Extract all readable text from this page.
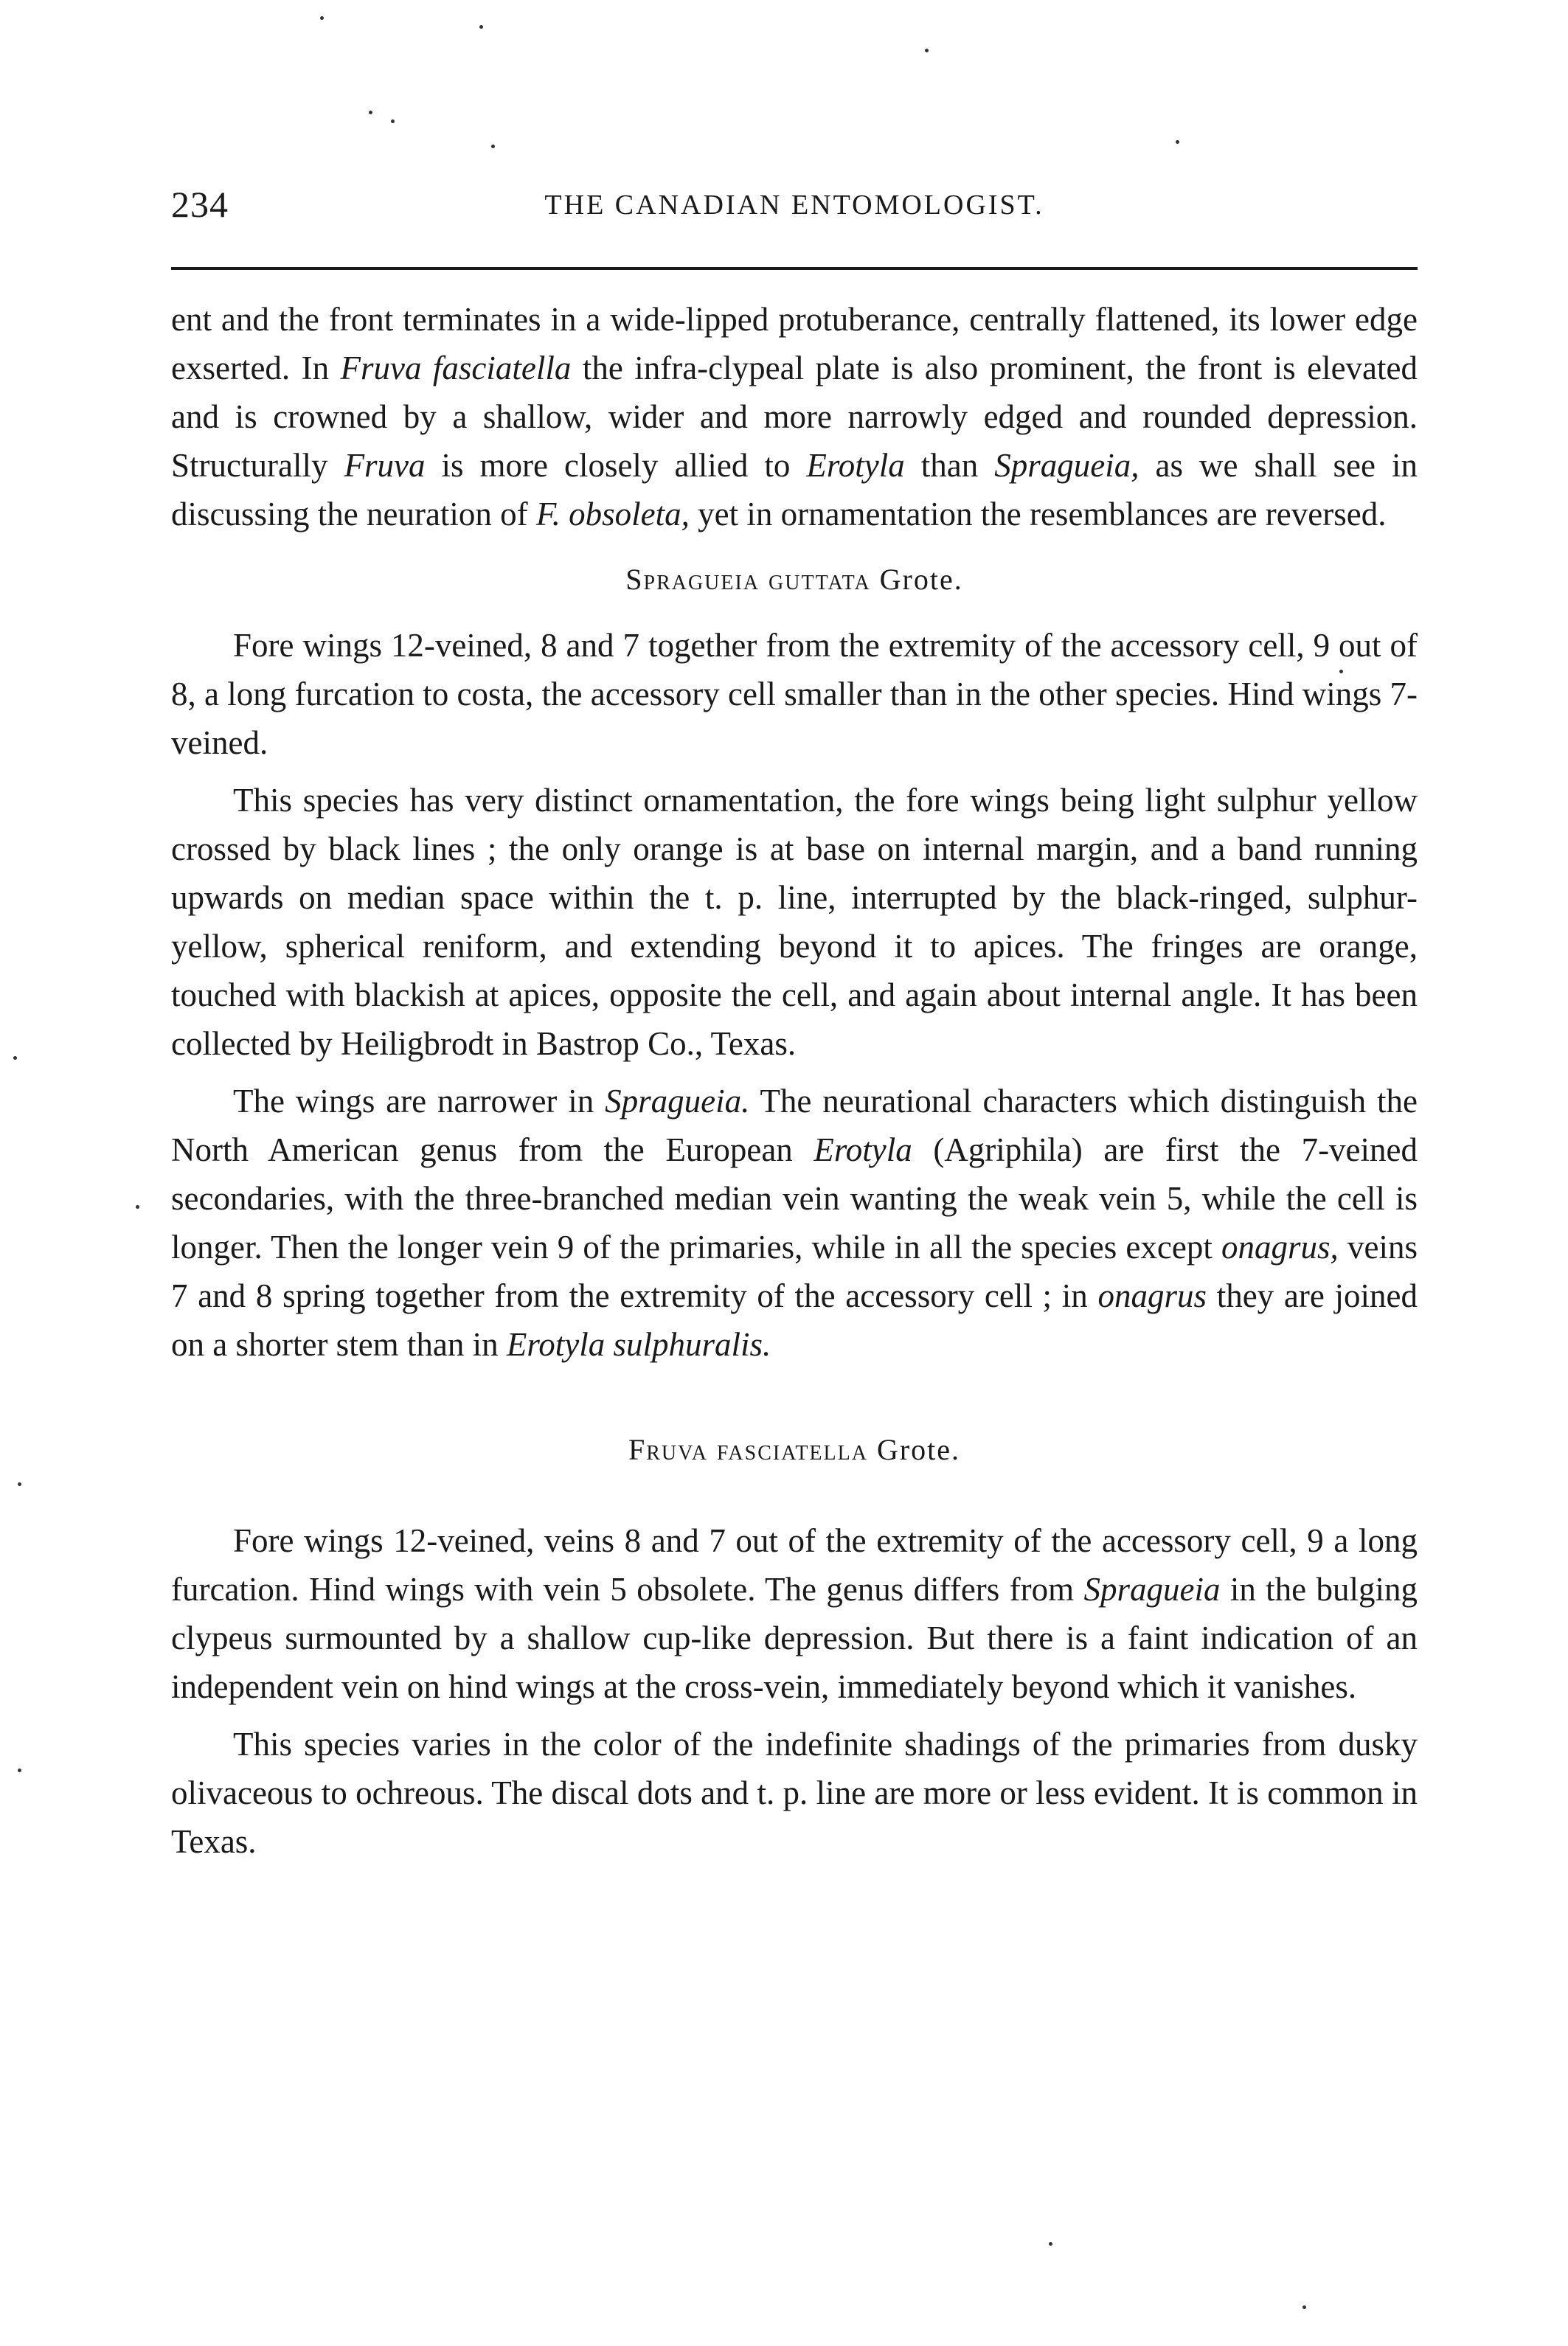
234	THE CANADIAN ENTOMOLOGIST.

ent and the front terminates in a wide-lipped protuberance, centrally flattened, its lower edge exserted. In Fruva fasciatella the infra-clypeal plate is also prominent, the front is elevated and is crowned by a shallow, wider and more narrowly edged and rounded depression. Structurally Fruva is more closely allied to Erotyla than Spragueia, as we shall see in discussing the neuration of F. obsoleta, yet in ornamentation the resemblances are reversed.

Spragueia guttata Grote.

Fore wings 12-veined, 8 and 7 together from the extremity of the accessory cell, 9 out of 8, a long furcation to costa, the accessory cell smaller than in the other species. Hind wings 7-veined.

This species has very distinct ornamentation, the fore wings being light sulphur yellow crossed by black lines ; the only orange is at base on internal margin, and a band running upwards on median space within the t. p. line, interrupted by the black-ringed, sulphur-yellow, spherical reniform, and extending beyond it to apices. The fringes are orange, touched with blackish at apices, opposite the cell, and again about internal angle. It has been collected by Heiligbrodt in Bastrop Co., Texas.

The wings are narrower in Spragueia. The neurational characters which distinguish the North American genus from the European Erotyla (Agriphila) are first the 7-veined secondaries, with the three-branched median vein wanting the weak vein 5, while the cell is longer. Then the longer vein 9 of the primaries, while in all the species except onagrus, veins 7 and 8 spring together from the extremity of the accessory cell ; in onagrus they are joined on a shorter stem than in Erotyla sulphuralis.

Fruva fasciatella Grote.

Fore wings 12-veined, veins 8 and 7 out of the extremity of the accessory cell, 9 a long furcation. Hind wings with vein 5 obsolete. The genus differs from Spragueia in the bulging clypeus surmounted by a shallow cup-like depression. But there is a faint indication of an independent vein on hind wings at the cross-vein, immediately beyond which it vanishes.

This species varies in the color of the indefinite shadings of the primaries from dusky olivaceous to ochreous. The discal dots and t. p. line are more or less evident. It is common in Texas.
